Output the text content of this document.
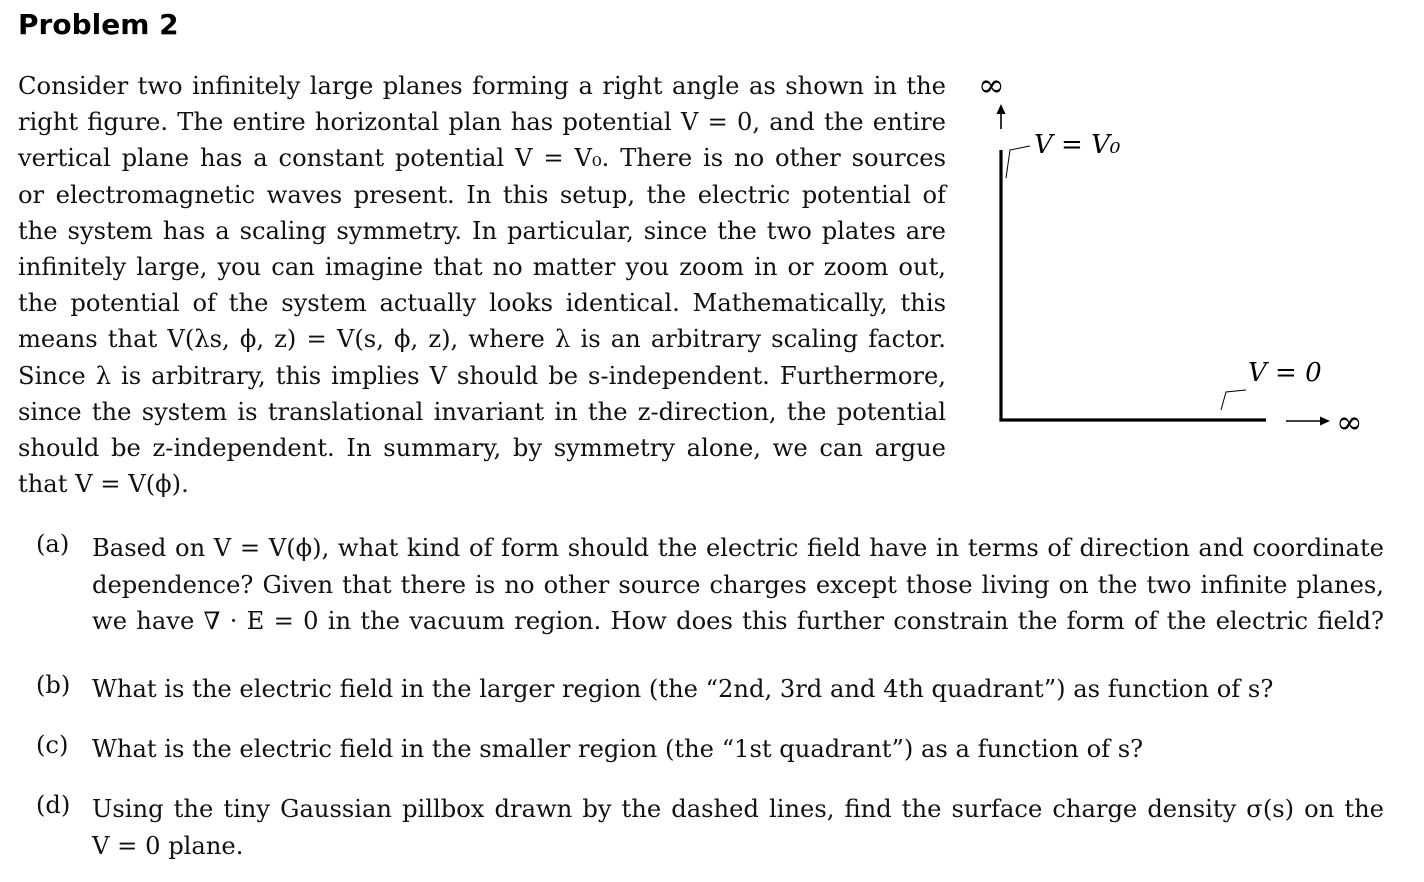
Problem 2
Consider two infinitely large planes forming a right angle as shown in the
right figure. The entire horizontal plan has potential V = 0, and the entire
vertical plane has a constant potential V = V₀. There is no other sources
or electromagnetic waves present. In this setup, the electric potential of
the system has a scaling symmetry. In particular, since the two plates are
infinitely large, you can imagine that no matter you zoom in or zoom out,
the potential of the system actually looks identical. Mathematically, this
means that V(λs, ϕ, z) = V(s, ϕ, z), where λ is an arbitrary scaling factor.
Since λ is arbitrary, this implies V should be s-independent. Furthermore,
since the system is translational invariant in the z-direction, the potential
should be z-independent. In summary, by symmetry alone, we can argue
that V = V(ϕ).
∞
V = V₀
V = 0
∞
(a) Based on V = V(ϕ), what kind of form should the electric field have in terms of direction and coordinate
dependence? Given that there is no other source charges except those living on the two infinite planes,
we have ∇ · E = 0 in the vacuum region. How does this further constrain the form of the electric field?
(b) What is the electric field in the larger region (the “2nd, 3rd and 4th quadrant”) as function of s?
(c) What is the electric field in the smaller region (the “1st quadrant”) as a function of s?
(d) Using the tiny Gaussian pillbox drawn by the dashed lines, find the surface charge density σ(s) on the
V = 0 plane.
